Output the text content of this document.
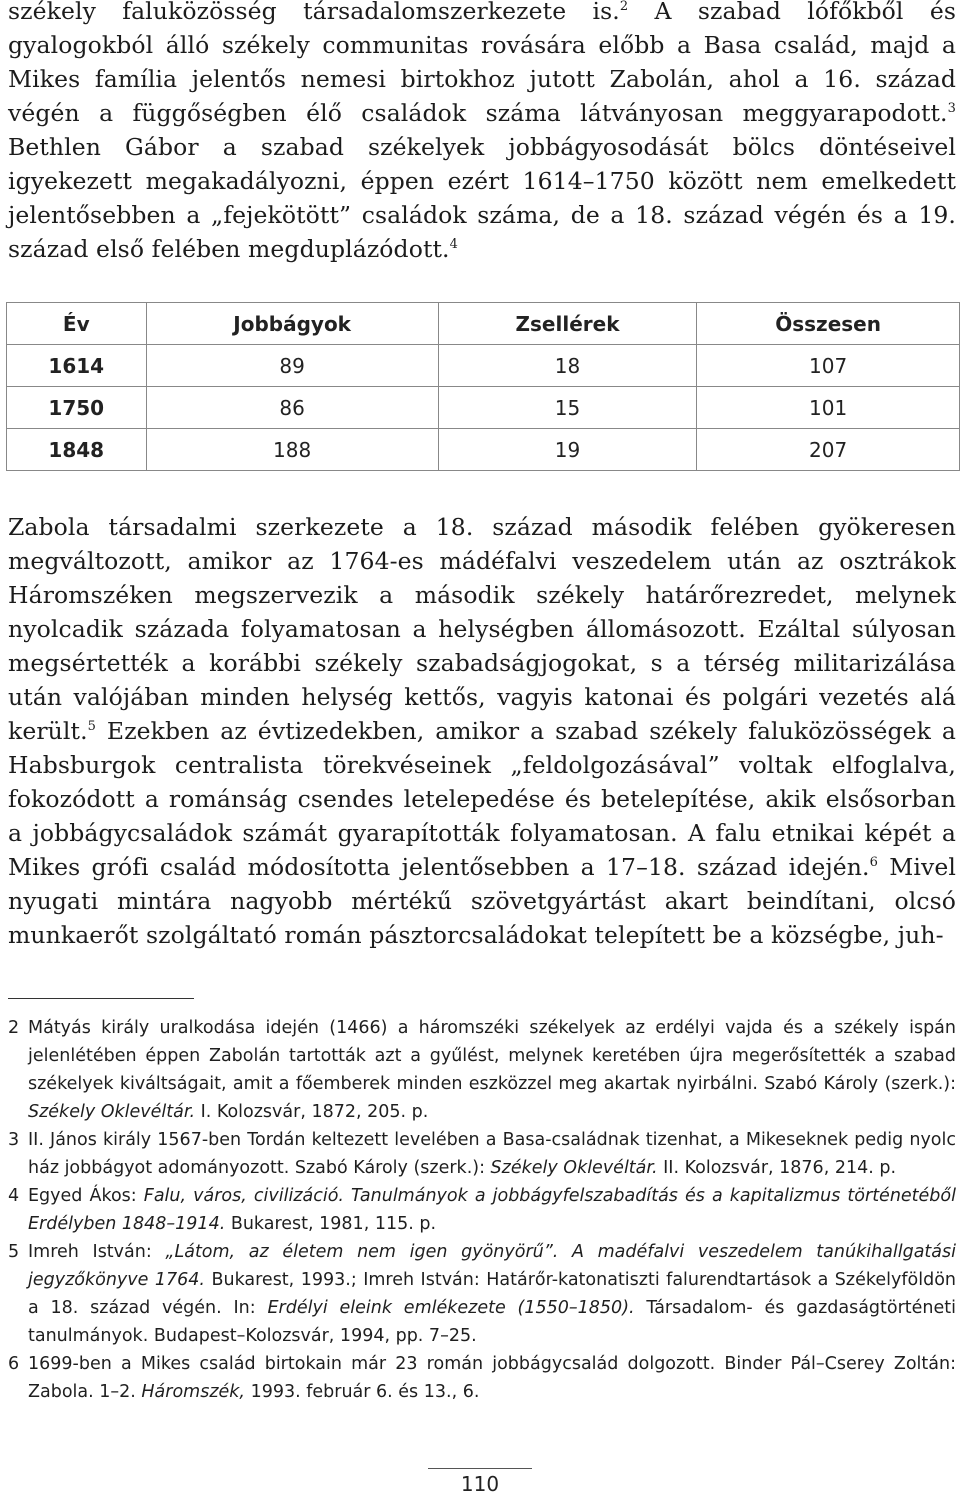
székely faluközösség társadalomszerkezete is.$^2$ A szabad lófőkből és gyalogokból álló székely communitas rovására előbb a Basa család, majd a Mikes família jelentős nemesi birtokhoz jutott Zabolán, ahol a 16. század végén a függőségben élő családok száma látványosan meggyarapodott.$^3$ Bethlen Gábor a szabad székelyek jobbágyosodását bölcs döntéseivel igyekezett megakadályozni, éppen ezért 1614–1750 között nem emelkedett jelentősebben a „fejekötött” családok száma, de a 18. század végén és a 19. század első felében megduplázódott.$^4$

Év	Jobbágyok	Zsellérek	Összesen
1614	89	18	107
1750	86	15	101
1848	188	19	207

Zabola társadalmi szerkezete a 18. század második felében gyökeresen megváltozott, amikor az 1764-es mádéfalvi veszedelem után az osztrákok Háromszéken megszervezik a második székely határőrezredet, melynek nyolcadik százada folyamatosan a helységben állomásozott. Ezáltal súlyosan megsértették a korábbi székely szabadságjogokat, s a térség militarizálása után valójában minden helység kettős, vagyis katonai és polgári vezetés alá került.$^5$ Ezekben az évtizedekben, amikor a szabad székely faluközösségek a Habsburgok centralista törekvéseinek „feldolgozásával” voltak elfoglalva, fokozódott a románság csendes letelepedése és betelepítése, akik elsősorban a jobbágycsaládok számát gyarapították folyamatosan. A falu etnikai képét a Mikes grófi család módosította jelentősebben a 17–18. század idején.$^6$ Mivel nyugati mintára nagyobb mértékű szövetgyártást akart beindítani, olcsó munkaerőt szolgáltató román pásztorcsaládokat telepített be a községbe, juh-

2 Mátyás király uralkodása idején (1466) a háromszéki székelyek az erdélyi vajda és a székely ispán jelenlétében éppen Zabolán tartották azt a gyűlést, melynek keretében újra megerősítették a szabad székelyek kiváltságait, amit a főemberek minden eszközzel meg akartak nyirbálni. Szabó Károly (szerk.): Székely Oklevéltár. I. Kolozsvár, 1872, 205. p.

3 II. János király 1567-ben Tordán keltezett levelében a Basa-családnak tizenhat, a Mikeseknek pedig nyolc ház jobbágyot adományozott. Szabó Károly (szerk.): Székely Oklevéltár. II. Kolozsvár, 1876, 214. p.

4 Egyed Ákos: Falu, város, civilizáció. Tanulmányok a jobbágyfelszabadítás és a kapitalizmus történetéből Erdélyben 1848–1914. Bukarest, 1981, 115. p.

5 Imreh István: „Látom, az életem nem igen gyönyörű”. A madéfalvi veszedelem tanúkihallgatási jegyzőkönyve 1764. Bukarest, 1993.; Imreh István: Határőr-katonatiszti falurendtartások a Székelyföldön a 18. század végén. In: Erdélyi eleink emlékezete (1550–1850). Társadalom- és gazdaságtörténeti tanulmányok. Budapest–Kolozsvár, 1994, pp. 7–25.

6 1699-ben a Mikes család birtokain már 23 román jobbágycsalád dolgozott. Binder Pál–Cserey Zoltán: Zabola. 1–2. Háromszék, 1993. február 6. és 13., 6.

110
